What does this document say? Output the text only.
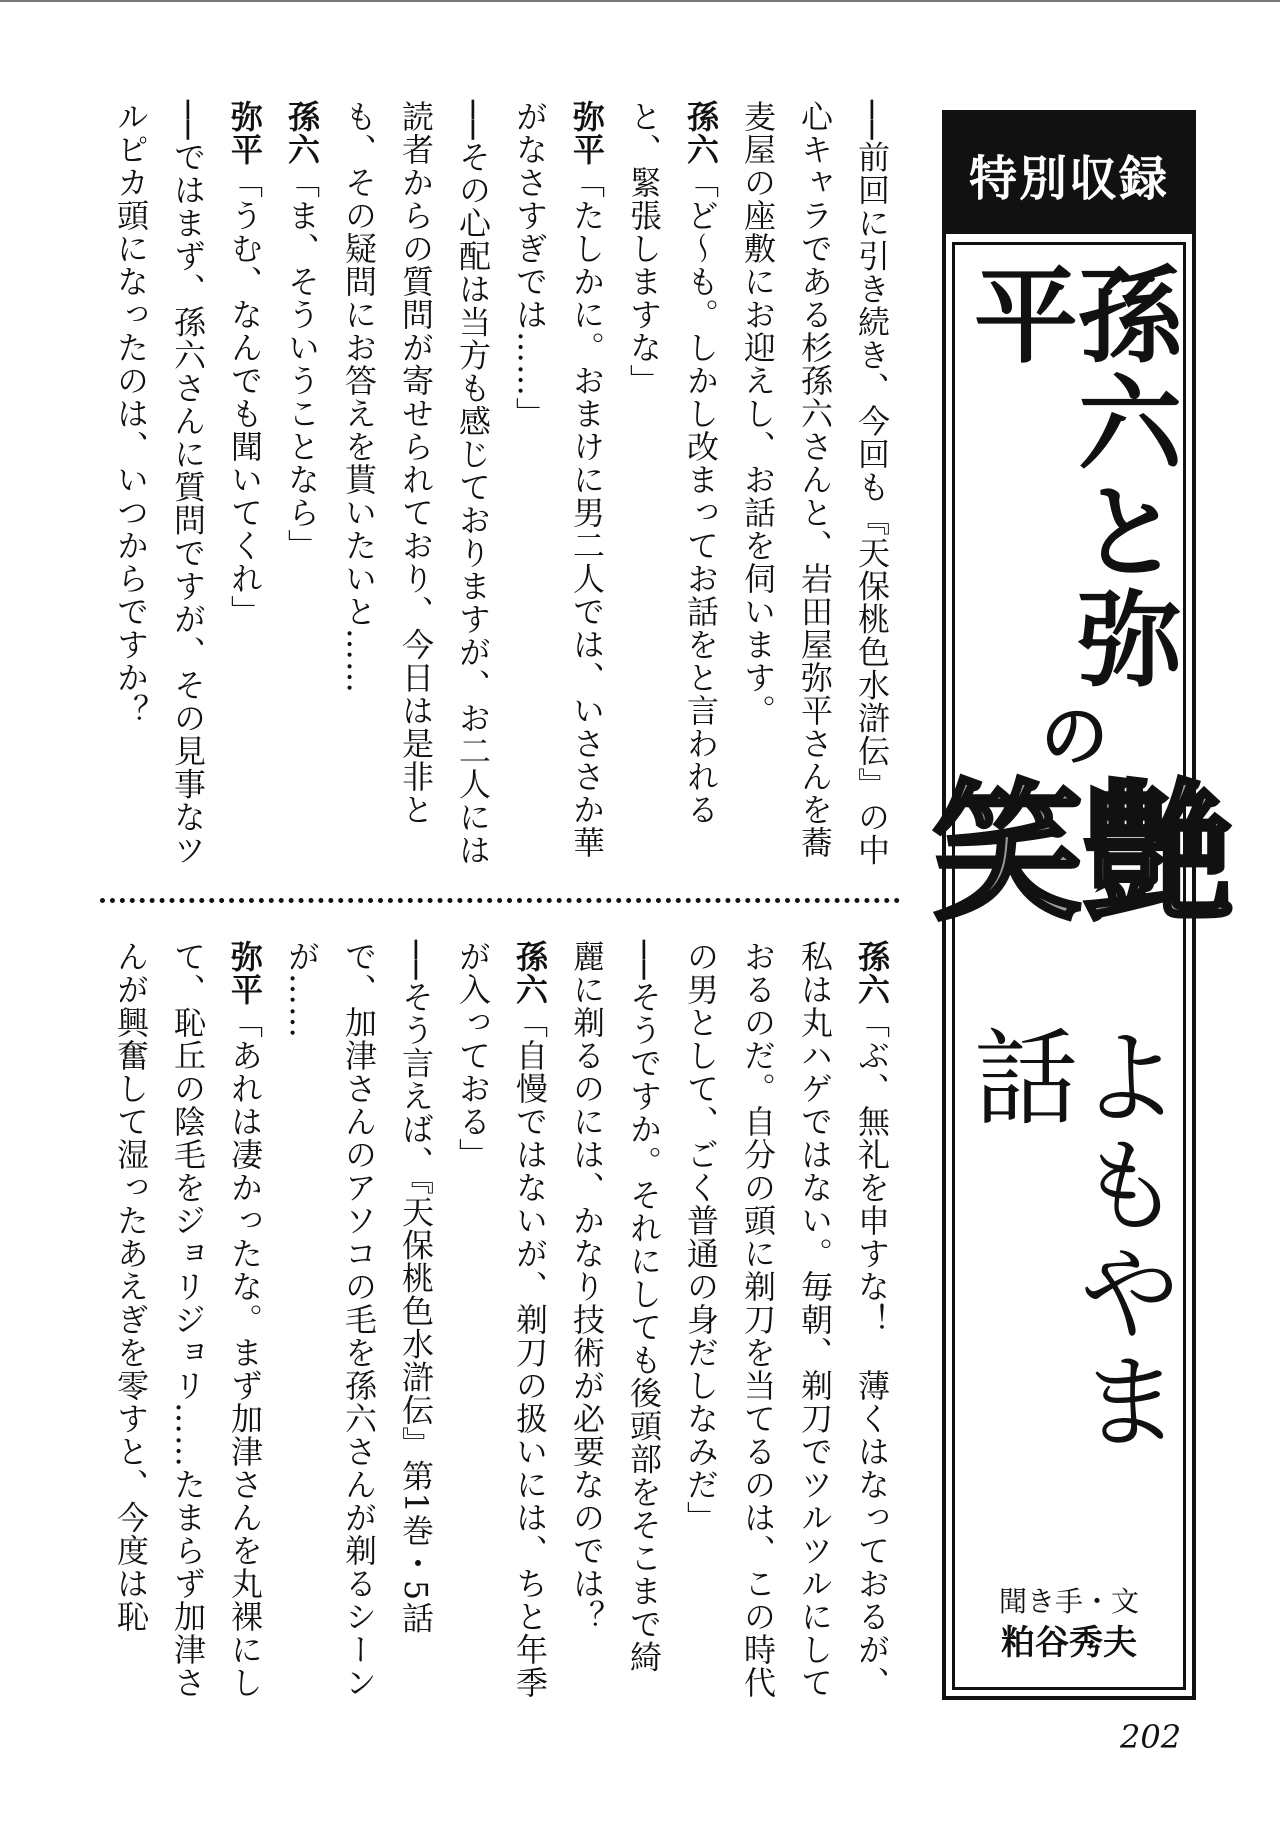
特別収録
孫六と弥平
の
艶笑
よもやま話
聞き手・文
粕谷秀夫

──前回に引き続き、今回も『天保桃色水滸伝』の中心キャラである杉孫六さんと、岩田屋弥平さんを蕎麦屋の座敷にお迎えし、お話を伺います。

孫六「ど～も。しかし改まってお話をと言われると、緊張しますな」

弥平「たしかに。おまけに男二人では、いささか華がなさすぎでは……」

──その心配は当方も感じておりますが、お二人には読者からの質問が寄せられており、今日は是非とも、その疑問にお答えを貰いたいと……

孫六「ま、そういうことなら」

弥平「うむ、なんでも聞いてくれ」

──ではまず、孫六さんに質問ですが、その見事なツルピカ頭になったのは、いつからですか？

孫六「ぶ、無礼を申すな！　薄くはなっておるが、私は丸ハゲではない。毎朝、剃刀でツルツルにしておるのだ。自分の頭に剃刀を当てるのは、この時代の男として、ごく普通の身だしなみだ」

──そうですか。それにしても後頭部をそこまで綺麗に剃るのには、かなり技術が必要なのでは？

孫六「自慢ではないが、剃刀の扱いには、ちと年季が入っておる」

──そう言えば、『天保桃色水滸伝』第1巻・5話で、加津さんのアソコの毛を孫六さんが剃るシーンが……

弥平「あれは凄かったな。まず加津さんを丸裸にして、恥丘の陰毛をジョリジョリ……たまらず加津さんが興奮して湿ったあえぎを零すと、今度は恥

202
